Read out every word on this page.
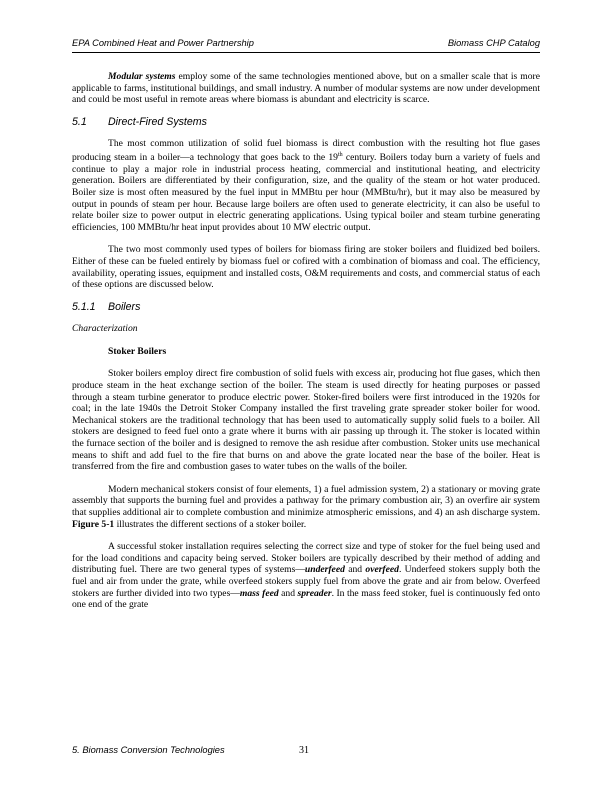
EPA Combined Heat and Power Partnership	Biomass CHP Catalog

Modular systems employ some of the same technologies mentioned above, but on a smaller scale that is more applicable to farms, institutional buildings, and small industry. A number of modular systems are now under development and could be most useful in remote areas where biomass is abundant and electricity is scarce.

5.1 Direct-Fired Systems

The most common utilization of solid fuel biomass is direct combustion with the resulting hot flue gases producing steam in a boiler—a technology that goes back to the 19th century. Boilers today burn a variety of fuels and continue to play a major role in industrial process heating, commercial and institutional heating, and electricity generation. Boilers are differentiated by their configuration, size, and the quality of the steam or hot water produced. Boiler size is most often measured by the fuel input in MMBtu per hour (MMBtu/hr), but it may also be measured by output in pounds of steam per hour. Because large boilers are often used to generate electricity, it can also be useful to relate boiler size to power output in electric generating applications. Using typical boiler and steam turbine generating efficiencies, 100 MMBtu/hr heat input provides about 10 MW electric output.

The two most commonly used types of boilers for biomass firing are stoker boilers and fluidized bed boilers. Either of these can be fueled entirely by biomass fuel or cofired with a combination of biomass and coal. The efficiency, availability, operating issues, equipment and installed costs, O&M requirements and costs, and commercial status of each of these options are discussed below.

5.1.1 Boilers
Characterization
Stoker Boilers

Stoker boilers employ direct fire combustion of solid fuels with excess air, producing hot flue gases, which then produce steam in the heat exchange section of the boiler. The steam is used directly for heating purposes or passed through a steam turbine generator to produce electric power. Stoker-fired boilers were first introduced in the 1920s for coal; in the late 1940s the Detroit Stoker Company installed the first traveling grate spreader stoker boiler for wood. Mechanical stokers are the traditional technology that has been used to automatically supply solid fuels to a boiler. All stokers are designed to feed fuel onto a grate where it burns with air passing up through it. The stoker is located within the furnace section of the boiler and is designed to remove the ash residue after combustion. Stoker units use mechanical means to shift and add fuel to the fire that burns on and above the grate located near the base of the boiler. Heat is transferred from the fire and combustion gases to water tubes on the walls of the boiler.

Modern mechanical stokers consist of four elements, 1) a fuel admission system, 2) a stationary or moving grate assembly that supports the burning fuel and provides a pathway for the primary combustion air, 3) an overfire air system that supplies additional air to complete combustion and minimize atmospheric emissions, and 4) an ash discharge system. Figure 5-1 illustrates the different sections of a stoker boiler.

A successful stoker installation requires selecting the correct size and type of stoker for the fuel being used and for the load conditions and capacity being served. Stoker boilers are typically described by their method of adding and distributing fuel. There are two general types of systems—underfeed and overfeed. Underfeed stokers supply both the fuel and air from under the grate, while overfeed stokers supply fuel from above the grate and air from below. Overfeed stokers are further divided into two types—mass feed and spreader. In the mass feed stoker, fuel is continuously fed onto one end of the grate

5. Biomass Conversion Technologies	31
